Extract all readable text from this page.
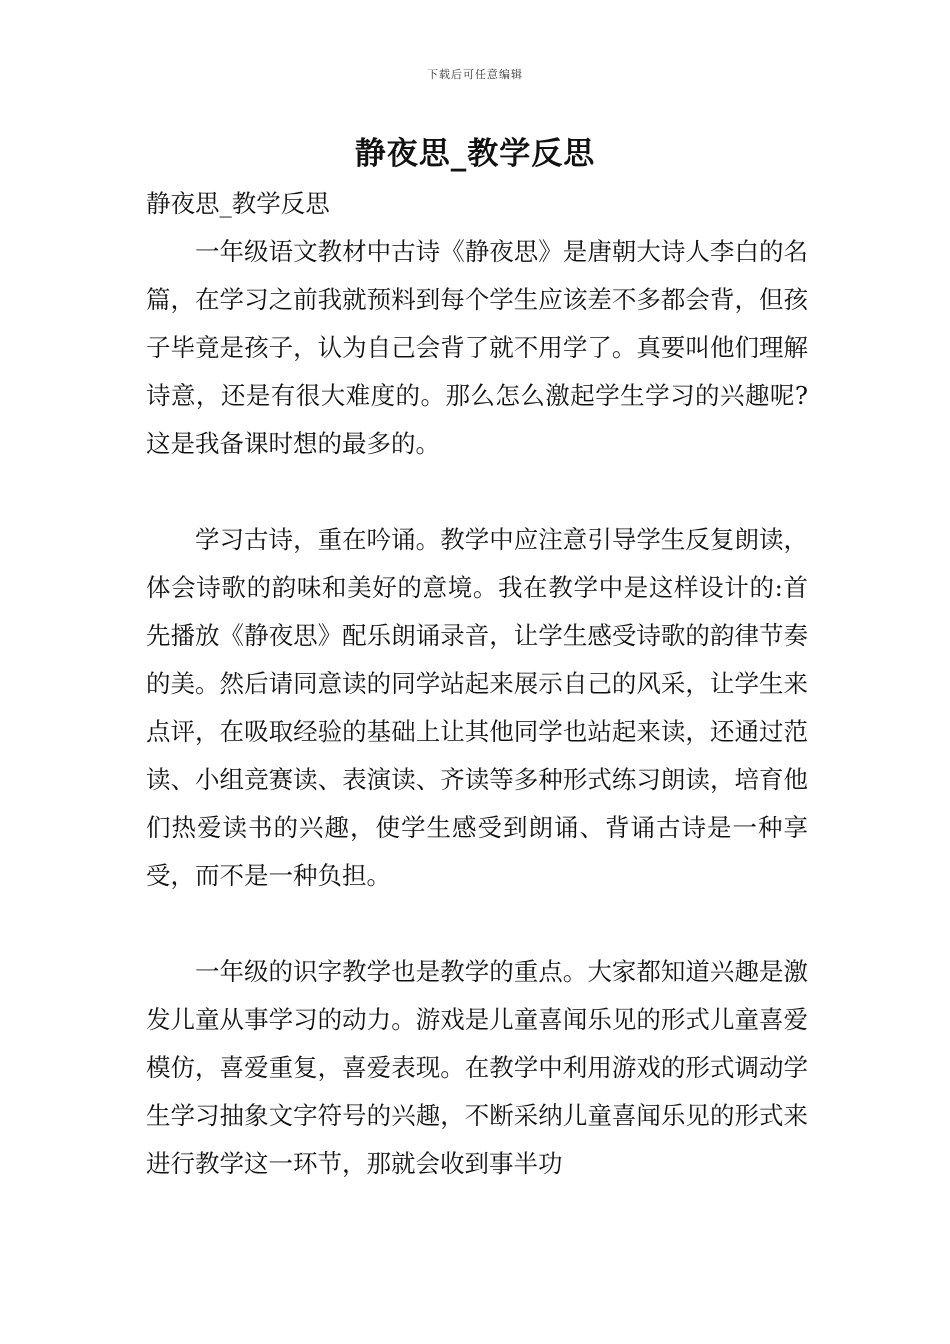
下载后可任意编辑
静夜思_教学反思

静夜思_教学反思

一年级语文教材中古诗《静夜思》是唐朝大诗人李白的名篇，在学习之前我就预料到每个学生应该差不多都会背，但孩子毕竟是孩子，认为自己会背了就不用学了。真要叫他们理解诗意，还是有很大难度的。那么怎么激起学生学习的兴趣呢?这是我备课时想的最多的。

学习古诗，重在吟诵。教学中应注意引导学生反复朗读，体会诗歌的韵味和美好的意境。我在教学中是这样设计的:首先播放《静夜思》配乐朗诵录音，让学生感受诗歌的韵律节奏的美。然后请同意读的同学站起来展示自己的风采，让学生来点评，在吸取经验的基础上让其他同学也站起来读，还通过范读、小组竞赛读、表演读、齐读等多种形式练习朗读，培育他们热爱读书的兴趣，使学生感受到朗诵、背诵古诗是一种享受，而不是一种负担。

一年级的识字教学也是教学的重点。大家都知道兴趣是激发儿童从事学习的动力。游戏是儿童喜闻乐见的形式儿童喜爱模仿，喜爱重复，喜爱表现。在教学中利用游戏的形式调动学生学习抽象文字符号的兴趣，不断采纳儿童喜闻乐见的形式来进行教学这一环节，那就会收到事半功
